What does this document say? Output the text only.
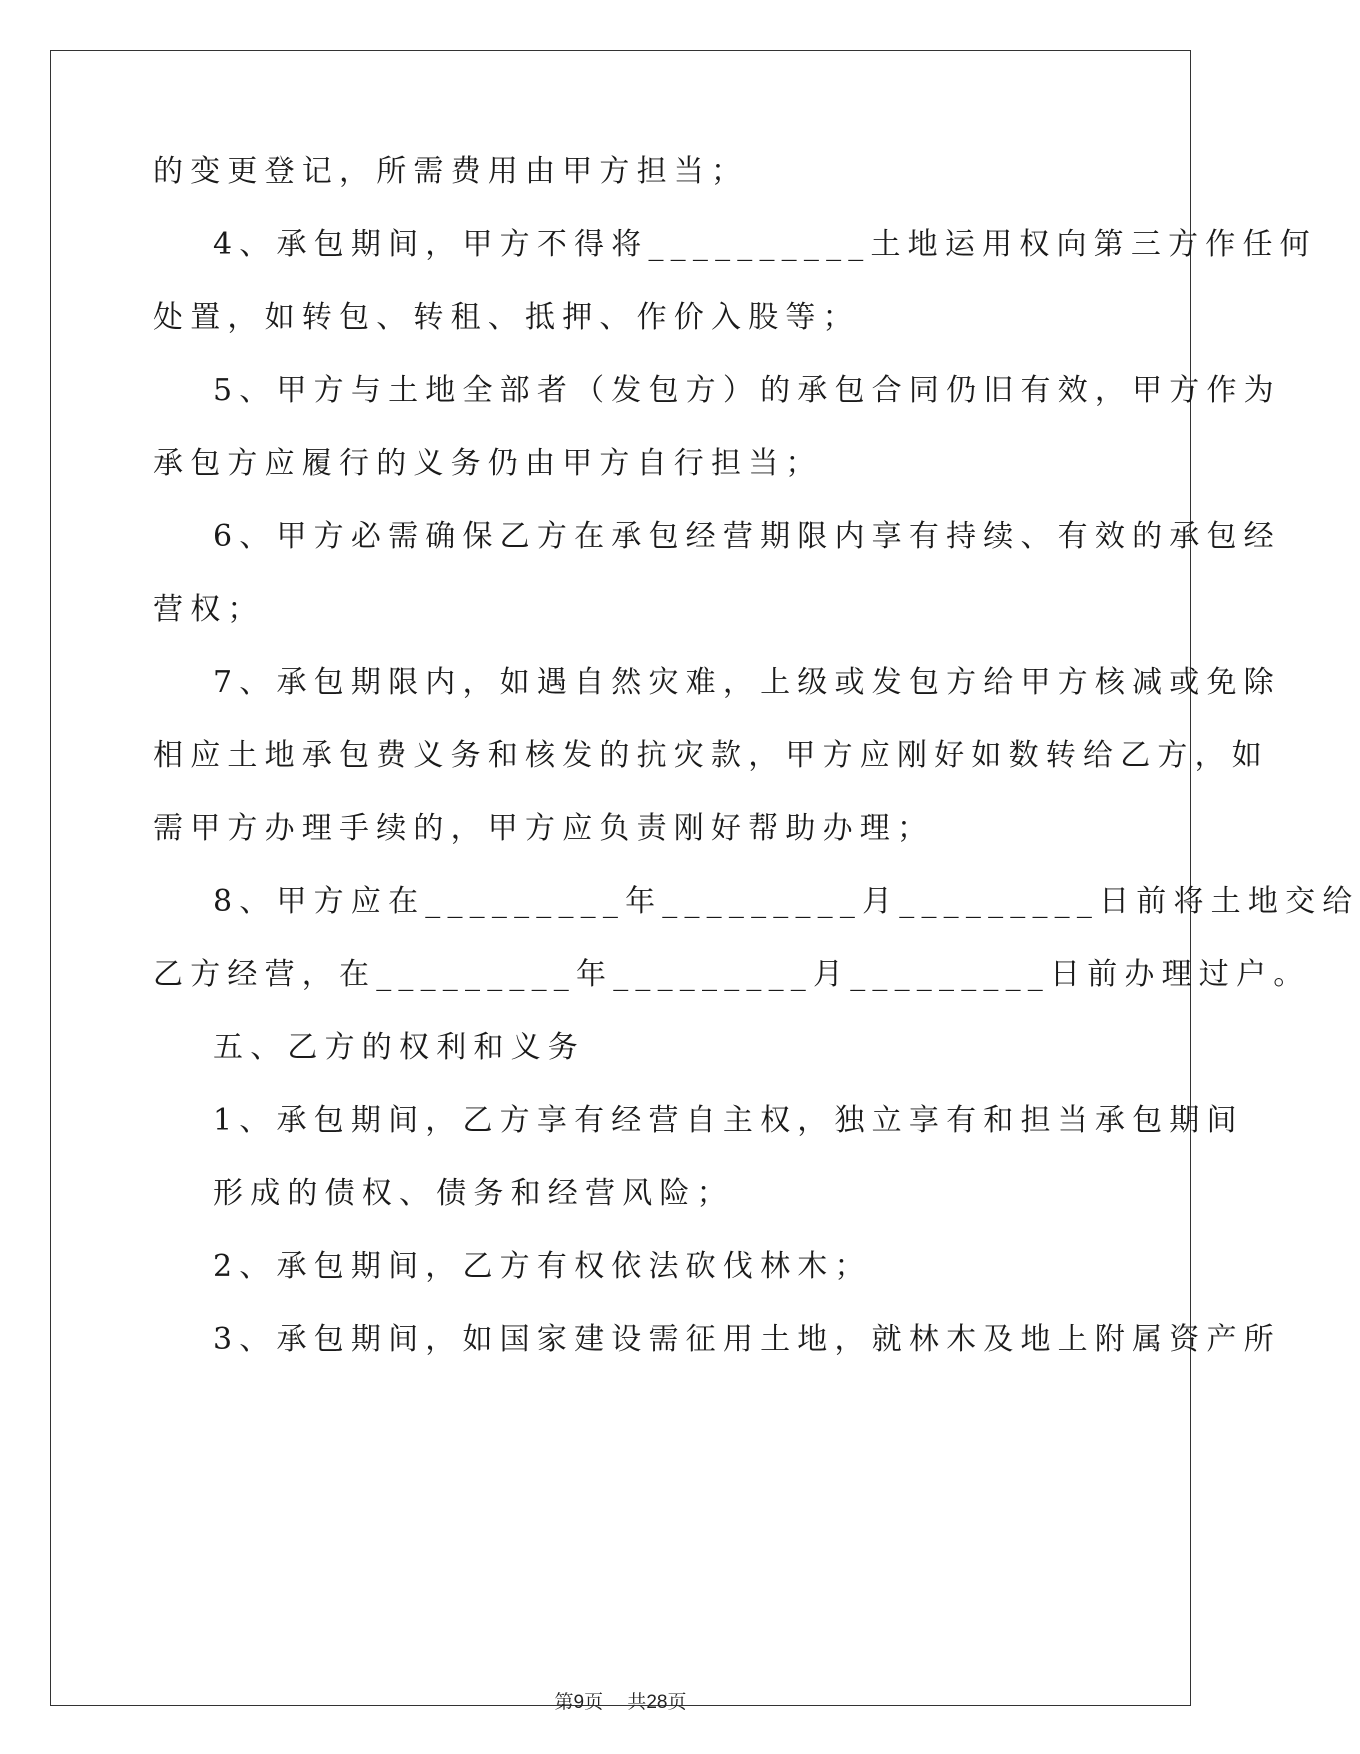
的变更登记，所需费用由甲方担当；
4、承包期间，甲方不得将__________土地运用权向第三方作任何
处置，如转包、转租、抵押、作价入股等；
5、甲方与土地全部者（发包方）的承包合同仍旧有效，甲方作为
承包方应履行的义务仍由甲方自行担当；
6、甲方必需确保乙方在承包经营期限内享有持续、有效的承包经
营权；
7、承包期限内，如遇自然灾难，上级或发包方给甲方核减或免除
相应土地承包费义务和核发的抗灾款，甲方应刚好如数转给乙方，如
需甲方办理手续的，甲方应负责刚好帮助办理；
8、甲方应在_________年_________月_________日前将土地交给
乙方经营，在_________年_________月_________日前办理过户。
五、乙方的权利和义务
1、承包期间，乙方享有经营自主权，独立享有和担当承包期间
形成的债权、债务和经营风险；
2、承包期间，乙方有权依法砍伐林木；
3、承包期间，如国家建设需征用土地，就林木及地上附属资产所
第9页 共28页
